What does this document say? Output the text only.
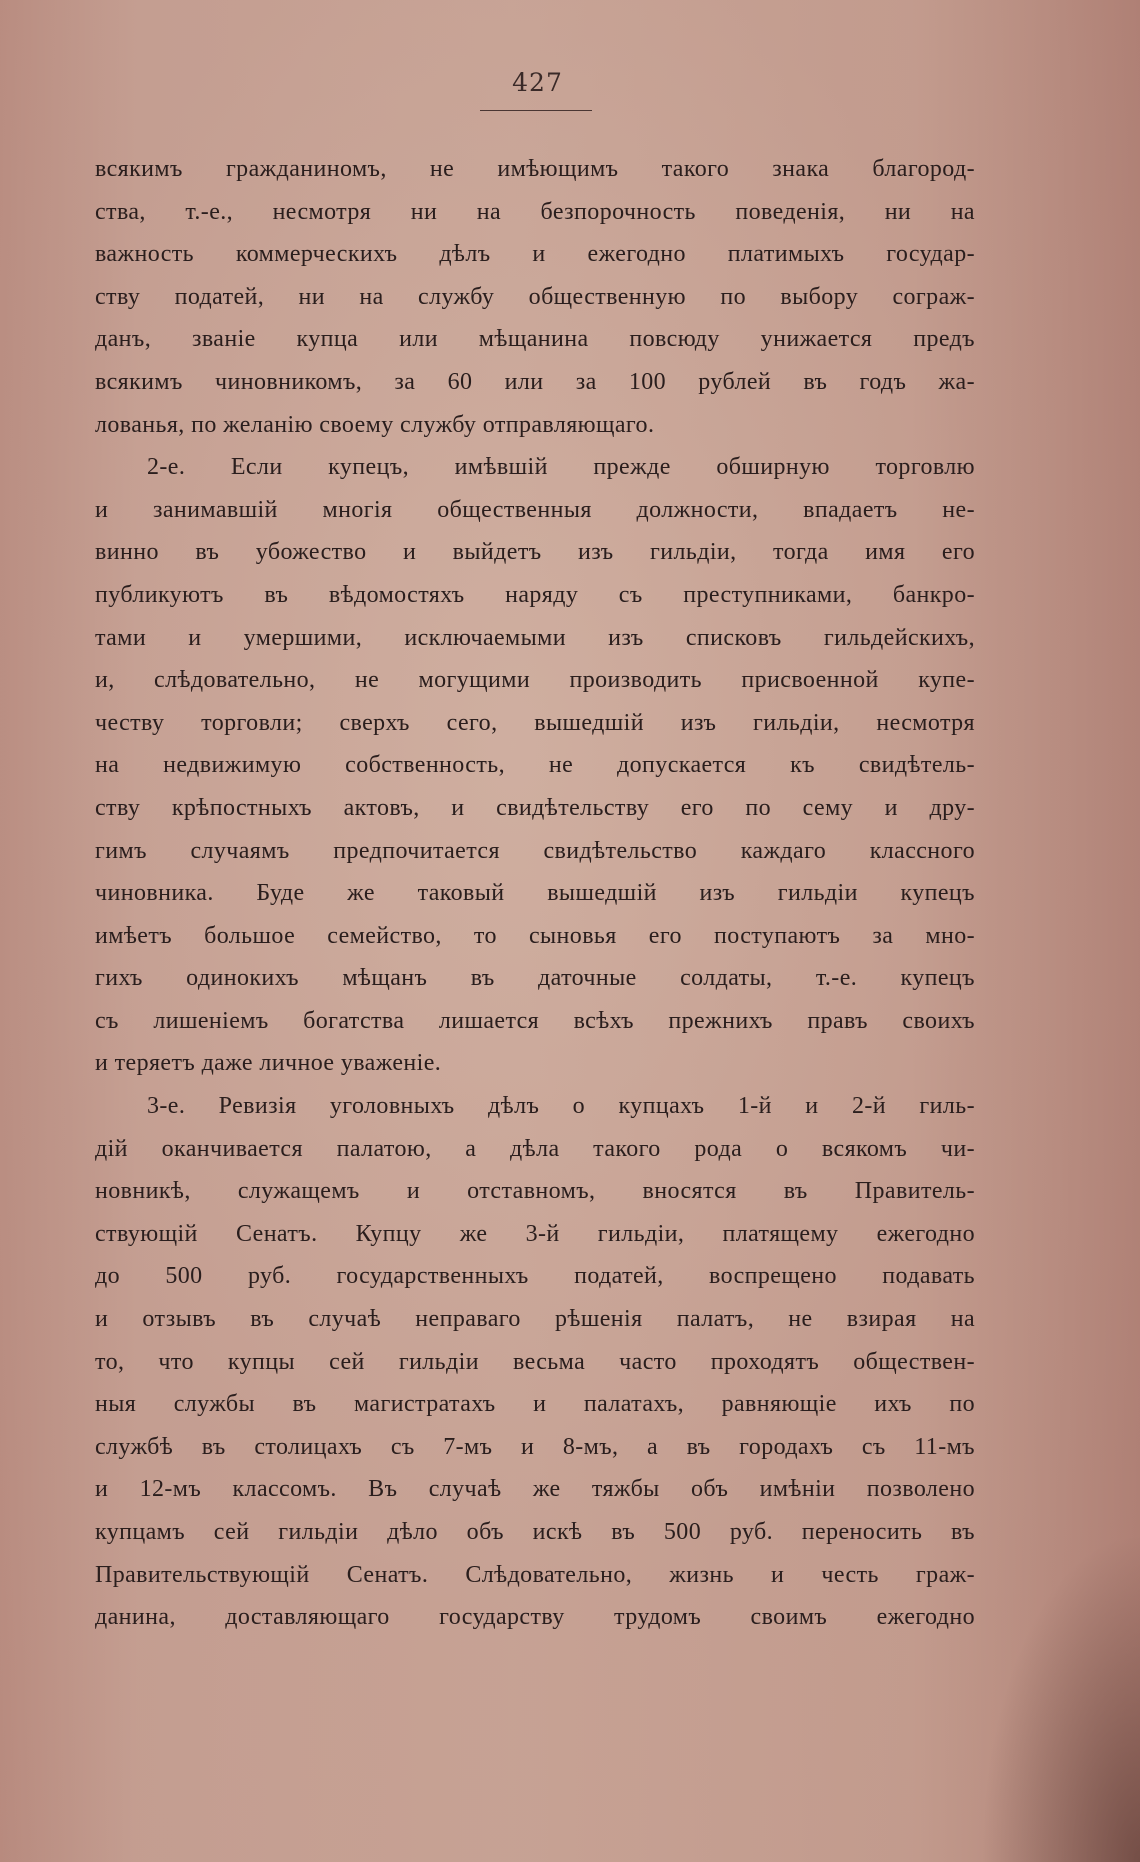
427
всякимъ гражданиномъ, не имѣющимъ такого знака благород-
ства, т.-е., несмотря ни на безпорочность поведенія, ни на
важность коммерческихъ дѣлъ и ежегодно платимыхъ государ-
ству податей, ни на службу общественную по выбору сограж-
данъ, званіе купца или мѣщанина повсюду унижается предъ
всякимъ чиновникомъ, за 60 или за 100 рублей въ годъ жа-
лованья, по желанію своему службу отправляющаго.
2-е. Если купецъ, имѣвшій прежде обширную торговлю
и занимавшій многія общественныя должности, впадаетъ не-
винно въ убожество и выйдетъ изъ гильдіи, тогда имя его
публикуютъ въ вѣдомостяхъ наряду съ преступниками, банкро-
тами и умершими, исключаемыми изъ списковъ гильдейскихъ,
и, слѣдовательно, не могущими производить присвоенной купе-
честву торговли; сверхъ сего, вышедшій изъ гильдіи, несмотря
на недвижимую собственность, не допускается къ свидѣтель-
ству крѣпостныхъ актовъ, и свидѣтельству его по сему и дру-
гимъ случаямъ предпочитается свидѣтельство каждаго классного
чиновника. Буде же таковый вышедшій изъ гильдіи купецъ
имѣетъ большое семейство, то сыновья его поступаютъ за мно-
гихъ одинокихъ мѣщанъ въ даточные солдаты, т.-е. купецъ
съ лишеніемъ богатства лишается всѣхъ прежнихъ правъ своихъ
и теряетъ даже личное уваженіе.
3-е. Ревизія уголовныхъ дѣлъ о купцахъ 1-й и 2-й гиль-
дій оканчивается палатою, а дѣла такого рода о всякомъ чи-
новникѣ, служащемъ и отставномъ, вносятся въ Правитель-
ствующій Сенатъ. Купцу же 3-й гильдіи, платящему ежегодно
до 500 руб. государственныхъ податей, воспрещено подавать
и отзывъ въ случаѣ неправаго рѣшенія палатъ, не взирая на
то, что купцы сей гильдіи весьма часто проходятъ обществен-
ныя службы въ магистратахъ и палатахъ, равняющіе ихъ по
службѣ въ столицахъ съ 7-мъ и 8-мъ, а въ городахъ съ 11-мъ
и 12-мъ классомъ. Въ случаѣ же тяжбы объ имѣніи позволено
купцамъ сей гильдіи дѣло объ искѣ въ 500 руб. переносить въ
Правительствующій Сенатъ. Слѣдовательно, жизнь и честь граж-
данина, доставляющаго государству трудомъ своимъ ежегодно
